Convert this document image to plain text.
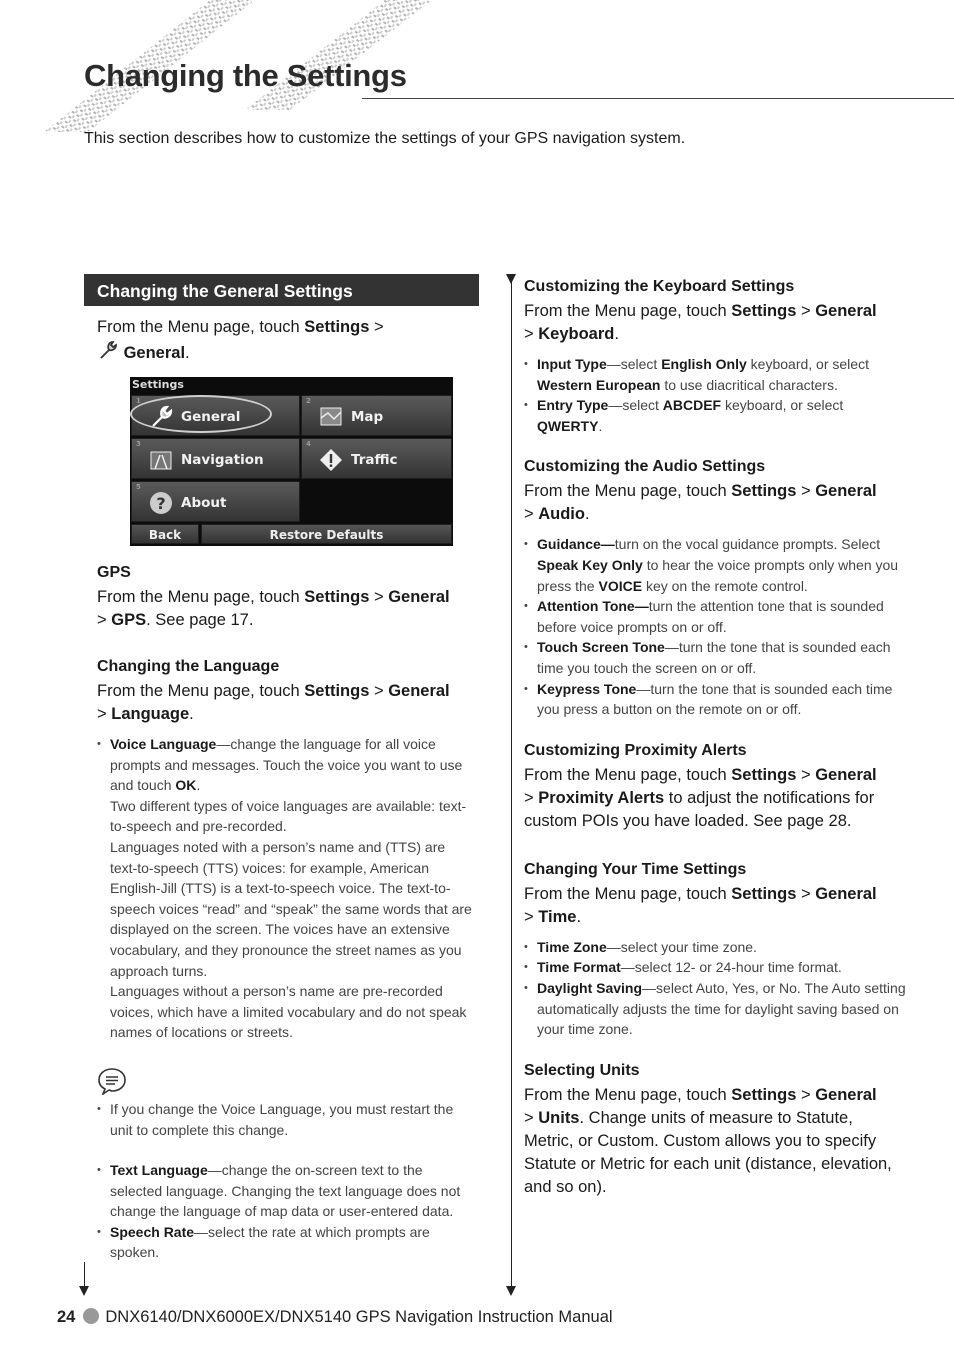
Changing the Settings

This section describes how to customize the settings of your GPS navigation system.

Changing the General Settings

From the Menu page, touch Settings >
General.

Settings
1
General
2
Map
3
Navigation
4
Traffic
5
? About
Back	Restore Defaults
GPS

From the Menu page, touch Settings > General
> GPS. See page 17.

Changing the Language

From the Menu page, touch Settings > General
> Language.

• Voice Language—change the language for all voice prompts and messages. Touch the voice you want to use and touch OK.
Two different types of voice languages are available: text-to-speech and pre-recorded.
Languages noted with a person’s name and (TTS) are text-to-speech (TTS) voices: for example, American English-Jill (TTS) is a text-to-speech voice. The text-to-speech voices “read” and “speak” the same words that are displayed on the screen. The voices have an extensive vocabulary, and they pronounce the street names as you approach turns.
Languages without a person’s name are pre-recorded voices, which have a limited vocabulary and do not speak names of locations or streets.
• If you change the Voice Language, you must restart the unit to complete this change.
• Text Language—change the on-screen text to the selected language. Changing the text language does not change the language of map data or user-entered data.
• Speech Rate—select the rate at which prompts are spoken.
Customizing the Keyboard Settings

From the Menu page, touch Settings > General
> Keyboard.

• Input Type—select English Only keyboard, or select Western European to use diacritical characters.
• Entry Type—select ABCDEF keyboard, or select QWERTY.
Customizing the Audio Settings

From the Menu page, touch Settings > General
> Audio.

• Guidance—turn on the vocal guidance prompts. Select Speak Key Only to hear the voice prompts only when you press the VOICE key on the remote control.
• Attention Tone—turn the attention tone that is sounded before voice prompts on or off.
• Touch Screen Tone—turn the tone that is sounded each time you touch the screen on or off.
• Keypress Tone—turn the tone that is sounded each time you press a button on the remote on or off.
Customizing Proximity Alerts

From the Menu page, touch Settings > General
> Proximity Alerts to adjust the notifications for custom POIs you have loaded. See page 28.

Changing Your Time Settings

From the Menu page, touch Settings > General
> Time.

• Time Zone—select your time zone.
• Time Format—select 12- or 24-hour time format.
• Daylight Saving—select Auto, Yes, or No. The Auto setting automatically adjusts the time for daylight saving based on your time zone.
Selecting Units

From the Menu page, touch Settings > General
> Units. Change units of measure to Statute, Metric, or Custom. Custom allows you to specify Statute or Metric for each unit (distance, elevation, and so on).

24 DNX6140/DNX6000EX/DNX5140 GPS Navigation Instruction Manual
